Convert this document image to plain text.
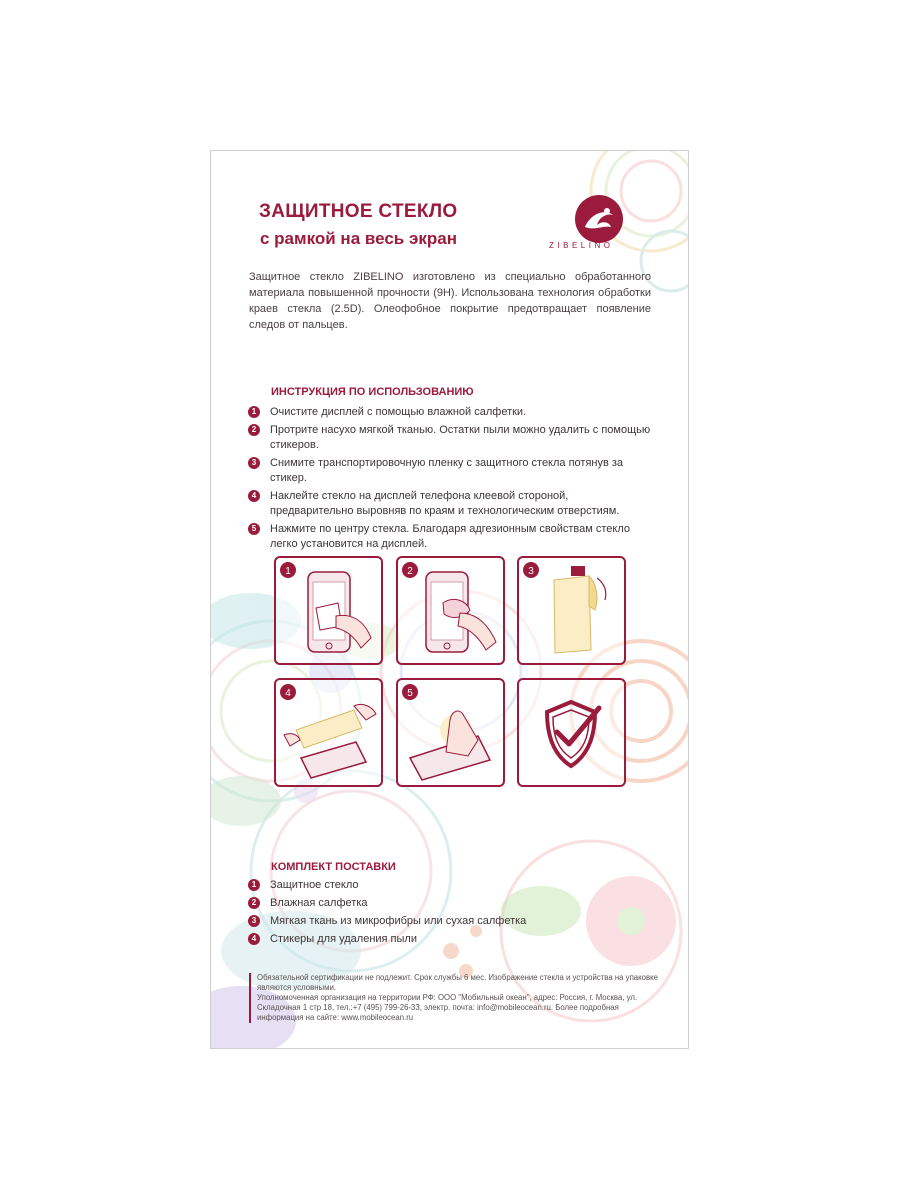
ЗАЩИТНОЕ СТЕКЛО
с рамкой на весь экран	ZIBELINO
Защитное стекло ZIBELINO изготовлено из специально обработанного материала повышенной прочности (9H). Использована технология обработки краев стекла (2.5D). Олеофобное покрытие предотвращает появление следов от пальцев.
ИНСТРУКЦИЯ ПО ИСПОЛЬЗОВАНИЮ
1	Очистите дисплей с помощью влажной салфетки.
2	Протрите насухо мягкой тканью. Остатки пыли можно удалить с помощью стикеров.
3	Снимите транспортировочную пленку с защитного стекла потянув за стикер.
4	Наклейте стекло на дисплей телефона клеевой стороной, предварительно выровняв по краям и технологическим отверстиям.
5	Нажмите по центру стекла. Благодаря адгезионным свойствам стекло легко установится на дисплей.
1	2	3
4	5
КОМПЛЕКТ ПОСТАВКИ
1	Защитное стекло
2	Влажная салфетка
3	Мягкая ткань из микрофибры или сухая салфетка
4	Стикеры для удаления пыли
Обязательной сертификации не подлежит. Срок службы 6 мес. Изображение стекла и устройства на упаковке являются условными.
Уполномоченная организация на территории РФ: ООО "Мобильный океан", адрес: Россия, г. Москва, ул. Складочная 1 стр 18, тел.:+7 (495) 799-26-33, электр. почта: info@mobileocean.ru. Более подробная информация на сайте: www.mobileocean.ru
